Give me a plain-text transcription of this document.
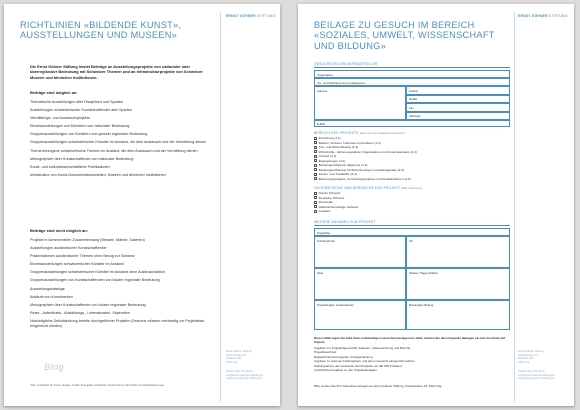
ERNST GÖHNER STIFTUNG
RICHTLINIEN «BILDENDE KUNST»,
AUSSTELLUNGEN UND MUSEEN»

Die Ernst Göhner Stiftung leistet Beiträge an Ausstellungsprojekte von nationaler oder überregionaler Bedeutung mit Schweizer Themen und an Infrastrukturprojekte von Schweizer Museen und ähnlichen Institutionen.

Beiträge sind möglich an:
Thematische Ausstellungen aller Disziplinen und Sparten
Ausstellungen schweizerischer Kunstschaffender aller Sparten
Vermittlungs- und Austauschprojekte
Einzelausstellungen von Künstlern von nationaler Bedeutung
Gruppenausstellungen von Künstlern von grosser regionaler Bedeutung
Gruppenausstellungen schweizerischer Künstler im Ausland, die dem Austausch und der Vermittlung dienen
Themenbezogene schweizerische Themen im Ausland, die dem Austausch und der Vermittlung dienen
Monographien über Kunstschaffende von nationaler Bedeutung
Kunst- und kulturwissenschaftliche Publikationen
Infrastruktur von Kunst-Dokumentationsstellen, Museen und ähnlichen Institutionen
Beiträge sind nicht möglich an:
Projekte in kommerzieller Zusammenhang (Messen, Märkte, Galerien)
Ausstellungen ausländischer Kunstschaffender
Präsentationen ausländischer Themen ohne Bezug zur Schweiz
Einzelausstellungen schweizerischer Künstler im Ausland
Gruppenausstellungen schweizerischer Künstler im Ausland ohne Austauschaktion
Gruppenausstellungen von Kunstschaffenden von lokaler regionaler Bedeutung
Ausstellungskataloge
Ankäufe von Kunstwerken
Monographien über Kunstschaffende von lokaler regionaler Bedeutung
Reise-, Aufenthalts-, Ausbildungs-, Lebenskosten, Stipendien
Nachträgliche Defizitdeckung bereits durchgeführter Projekte (Gesuche müssen rechtzeitig vor Projektstart eingereicht werden)
Blog

*Inkl. unterstützt für Kunst, Design, Grafik, Fotografie, Architektur, Performance, Film/Video, Kunsthandwerk usw.

Ernst Göhner Stiftung
Artherstrasse 19
Postfach 351
6301 Zug
Telefon 041 729 66 33
info@ernst-goehner-stiftung.ch
www.ernst-goehner-stiftung.ch
ERNST GÖHNER STIFTUNG
BEILAGE ZU GESUCH IM BEREICH
«SOZIALES, UMWELT, WISSENSCHAFT
UND BILDUNG»
GESUCHSTELLER/ANTRAGSTELLER
Organisation
Vor- und Nachname der Kontaktperson
Adresse	Telefon
Mobile
Fax
Webseite
E-Mail
BEREICH DES PROJEKTS (bitte nur eine Kategorie ankreuzen)
Forschung (1.1)
Bauten, Schulen, Internate und Anderes (1.2)
Aus- und Weiterbildung (1.3)
Wirtschafts-, Jahres-gestaltete Organisationen und Internationales (1.4)
Umwelt (3.1)
Begegnungen (4.1)
Beratungen/Dienste allgemein (4.2)
Beratungen/Dienste für Behinderungen und Randgebiete (4.3)
Kinder- und Sozialhilfe (4.4)
Betreuungsprojekte, Forschungsprojekte und Sozialstrukturen (4.5)
GEOGRAFISCHE UND BERNISCHE DAS PROJEKT (bitte ankreuzen)
Ganze Schweiz
Deutsche Schweiz
Romandie
Italienischsprachige Schweiz
Ausland
WEITERE ANGABEN ZUM PROJEKT
Projekttitel
Kurzbeschrieb	Ort
Ziele	Weitere Trägerschaften
Projektbudget: Gesamtkosten	Beantragter Beitrag

Dieses Blatt legen Sie bitte Ihren vollständigen Gesuchsunterlagen bei. Bitte reichen Sie dazu folgende Beilagen ein (als Ausdruck auf Papier):

Angaben zur Projektträgerschaft (Statuten, Jahresrechnung und Bericht)
Projektbeschrieb
Budget/Finanzierungsplan mit Eigenleistung
Angaben zu weiteren Fördergebern und deren Gesuche eingereicht wurden
Stellungnahme des Vorstands (bei Projekten ab 100 000 Franken)
Ausführliche Angaben zu den Projektbeteiligten

Bitte senden Sie Ihre Gesuchsunterlagen an: Ernst Göhner Stiftung, Artherstrasse 19, 6301 Zug.

Ernst Göhner Stiftung
Artherstrasse 19
Postfach 351
6301 Zug
Telefon 041 729 66 33
info@ernst-goehner-stiftung.ch
www.ernst-goehner-stiftung.ch
